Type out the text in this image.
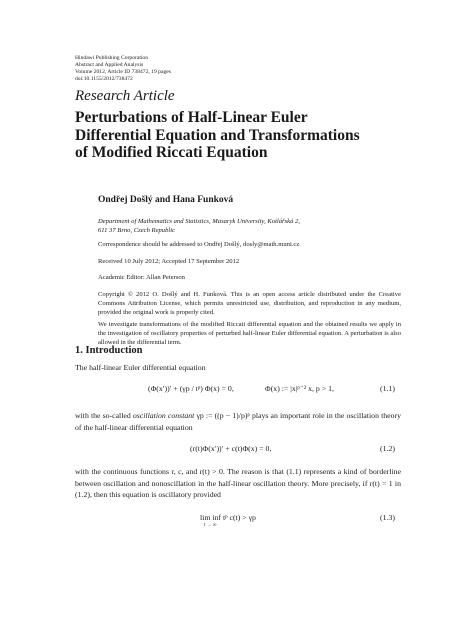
Hindawi Publishing Corporation
Abstract and Applied Analysis
Volume 2012, Article ID 738472, 19 pages
doi:10.1155/2012/738472
Research Article
Perturbations of Half-Linear Euler
Differential Equation and Transformations
of Modified Riccati Equation
Ondřej Došlý and Hana Funková
Department of Mathematics and Statistics, Masaryk University, Kotlářská 2,
611 37 Brno, Czech Republic
Correspondence should be addressed to Ondřej Došlý, dosly@math.muni.cz
Received 10 July 2012; Accepted 17 September 2012
Academic Editor: Allan Peterson
Copyright © 2012 O. Došlý and H. Funková. This is an open access article distributed under the Creative Commons Attribution License, which permits unrestricted use, distribution, and reproduction in any medium, provided the original work is properly cited.
We investigate transformations of the modified Riccati differential equation and the obtained results we apply in the investigation of oscillatory properties of perturbed half-linear Euler differential equation. A perturbation is also allowed in the differential term.
1. Introduction
The half-linear Euler differential equation
(Φ(x′))′ + (γp / tᵖ) Φ(x) = 0,	Φ(x) := |x|ᵖ⁻² x, p > 1,	(1.1)
with the so-called oscillation constant γp := ((p − 1)/p)ᵖ plays an important role in the oscillation theory of the half-linear differential equation
(r(t)Φ(x′))′ + c(t)Φ(x) = 0,	(1.2)
with the continuous functions r, c, and r(t) > 0. The reason is that (1.1) represents a kind of borderline between oscillation and nonoscillation in the half-linear oscillation theory. More precisely, if r(t) = 1 in (1.2), then this equation is oscillatory provided
lim inf tᵖ c(t) > γp
t → ∞
(1.3)
